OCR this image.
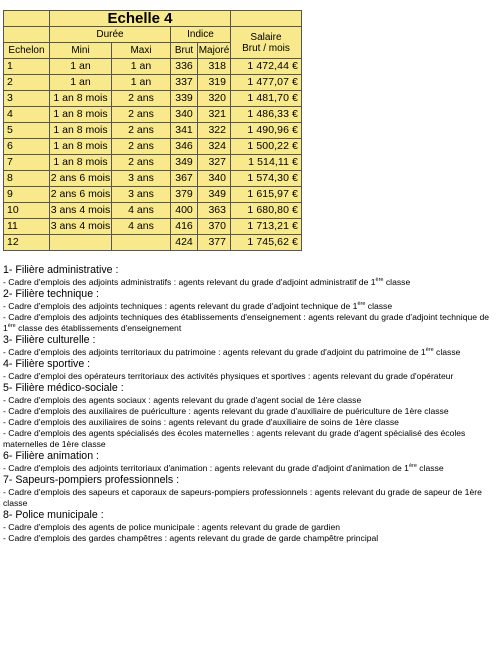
	Echelle 4				
	Durée		Indice		Salaire
Brut / mois
Echelon	Mini	Maxi	Brut	Majoré	
1	1 an	1 an	336	318	1 472,44 €
2	1 an	1 an	337	319	1 477,07 €
3	1 an 8 mois	2 ans	339	320	1 481,70 €
4	1 an 8 mois	2 ans	340	321	1 486,33 €
5	1 an 8 mois	2 ans	341	322	1 490,96 €
6	1 an 8 mois	2 ans	346	324	1 500,22 €
7	1 an 8 mois	2 ans	349	327	1 514,11 €
8	2 ans 6 mois	3 ans	367	340	1 574,30 €
9	2 ans 6 mois	3 ans	379	349	1 615,97 €
10	3 ans 4 mois	4 ans	400	363	1 680,80 €
11	3 ans 4 mois	4 ans	416	370	1 713,21 €
12			424	377	1 745,62 €

1- Filière administrative :

- Cadre d'emplois des adjoints administratifs : agents relevant du grade d'adjoint administratif de 1ère classe

2- Filière technique :

- Cadre d'emplois des adjoints techniques : agents relevant du grade d'adjoint technique de 1ère classe

- Cadre d'emplois des adjoints techniques des établissements d'enseignement : agents relevant du grade d'adjoint technique de 1ère classe des établissements d'enseignement

3- Filière culturelle :

- Cadre d'emplois des adjoints territoriaux du patrimoine : agents relevant du grade d'adjoint du patrimoine de 1ère classe

4- Filière sportive :

- Cadre d'emploi des opérateurs territoriaux des activités physiques et sportives : agents relevant du grade d'opérateur

5- Filière médico-sociale :

- Cadre d'emplois des agents sociaux : agents relevant du grade d'agent social de 1ère classe

- Cadre d'emplois des auxiliaires de puériculture : agents relevant du grade d'auxiliaire de puériculture de 1ère classe

- Cadre d'emplois des auxiliaires de soins : agents relevant du grade d'auxiliaire de soins de 1ère classe

- Cadre d'emplois des agents spécialisés des écoles maternelles : agents relevant du grade d'agent spécialisé des écoles maternelles de 1ère classe

6- Filière animation :

- Cadre d'emplois des adjoints territoriaux d'animation : agents relevant du grade d'adjoint d'animation de 1ère classe

7- Sapeurs-pompiers professionnels :

- Cadre d'emplois des sapeurs et caporaux de sapeurs-pompiers professionnels : agents relevant du grade de sapeur de 1ère classe

8- Police municipale :

- Cadre d'emplois des agents de police municipale : agents relevant du grade de gardien

- Cadre d'emplois des gardes champêtres : agents relevant du grade de garde champêtre principal
